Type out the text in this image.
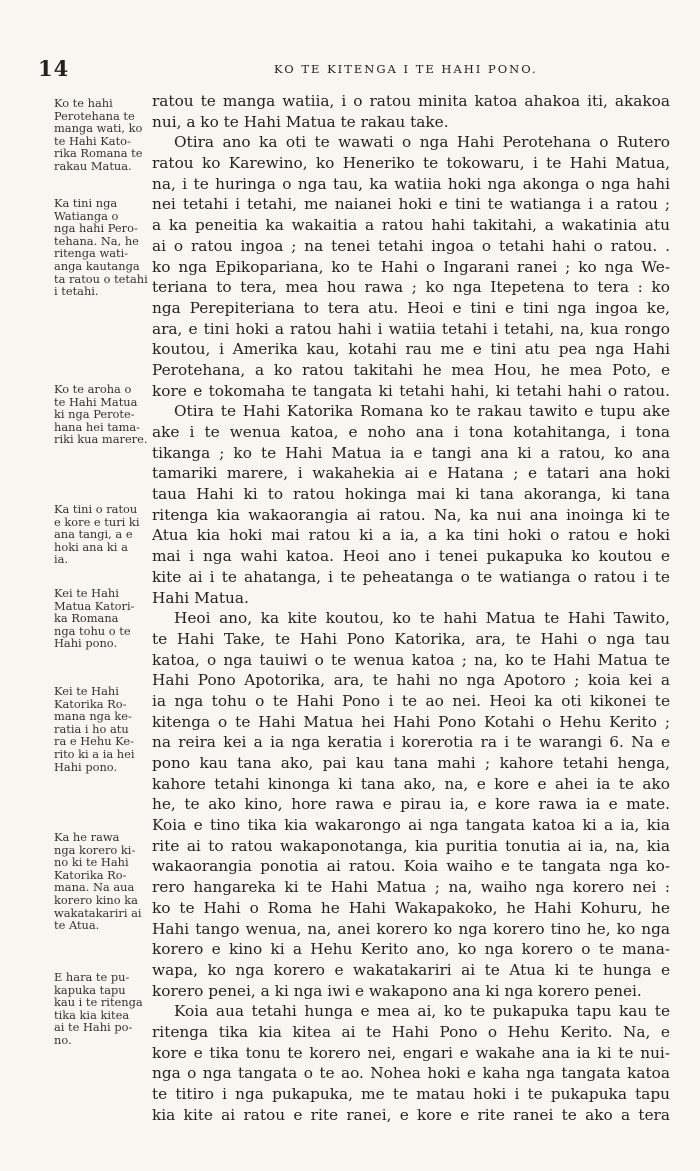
14	KO TE KITENGA I TE HAHI PONO.
Ko te hahi
Perotehana te
manga wati, ko
te Hahi Kato-
rika Romana te
rakau Matua.
Ka tini nga
Watianga o
nga hahi Pero-
tehana. Na, he
ritenga wati-
anga kautanga
ta ratou o tetahi
i tetahi.
Ko te aroha o
te Hahi Matua
ki nga Perote-
hana hei tama-
riki kua marere.
Ka tini o ratou
e kore e turi ki
ana tangi, a e
hoki ana ki a
ia.
Kei te Hahi
Matua Katori-
ka Romana
nga tohu o te
Hahi pono.
Kei te Hahi
Katorika Ro-
mana nga ke-
ratia i ho atu
ra e Hehu Ke-
rito ki a ia hei
Hahi pono.
Ka he rawa
nga korero ki-
no ki te Hahi
Katorika Ro-
mana. Na aua
korero kino ka
wakatakariri ai
te Atua.
E hara te pu-
kapuka tapu
kau i te ritenga
tika kia kitea
ai te Hahi po-
no.
ratou te manga watiia, i o ratou minita katoa ahakoa iti, akakoa
nui, a ko te Hahi Matua te rakau take.
Otira ano ka oti te wawati o nga Hahi Perotehana o Rutero
ratou ko Karewino, ko Heneriko te tokowaru, i te Hahi Matua,
na, i te huringa o nga tau, ka watiia hoki nga akonga o nga hahi
nei tetahi i tetahi, me naianei hoki e tini te watianga i a ratou ;
a ka peneitia ka wakaitia a ratou hahi takitahi, a wakatinia atu
ai o ratou ingoa ; na tenei tetahi ingoa o tetahi hahi o ratou. .
ko nga Epikopariana, ko te Hahi o Ingarani ranei ; ko nga We-
teriana to tera, mea hou rawa ; ko nga Itepetena to tera : ko
nga Perepiteriana to tera atu. Heoi e tini e tini nga ingoa ke,
ara, e tini hoki a ratou hahi i watiia tetahi i tetahi, na, kua rongo
koutou, i Amerika kau, kotahi rau me e tini atu pea nga Hahi
Perotehana, a ko ratou takitahi he mea Hou, he mea Poto, e
kore e tokomaha te tangata ki tetahi hahi, ki tetahi hahi o ratou.
Otira te Hahi Katorika Romana ko te rakau tawito e tupu ake
ake i te wenua katoa, e noho ana i tona kotahitanga, i tona
tikanga ; ko te Hahi Matua ia e tangi ana ki a ratou, ko ana
tamariki marere, i wakahekia ai e Hatana ; e tatari ana hoki
taua Hahi ki to ratou hokinga mai ki tana akoranga, ki tana
ritenga kia wakaorangia ai ratou. Na, ka nui ana inoinga ki te
Atua kia hoki mai ratou ki a ia, a ka tini hoki o ratou e hoki
mai i nga wahi katoa. Heoi ano i tenei pukapuka ko koutou e
kite ai i te ahatanga, i te peheatanga o te watianga o ratou i te
Hahi Matua.
Heoi ano, ka kite koutou, ko te hahi Matua te Hahi Tawito,
te Hahi Take, te Hahi Pono Katorika, ara, te Hahi o nga tau
katoa, o nga tauiwi o te wenua katoa ; na, ko te Hahi Matua te
Hahi Pono Apotorika, ara, te hahi no nga Apotoro ; koia kei a
ia nga tohu o te Hahi Pono i te ao nei. Heoi ka oti kikonei te
kitenga o te Hahi Matua hei Hahi Pono Kotahi o Hehu Kerito ;
na reira kei a ia nga keratia i korerotia ra i te warangi 6. Na e
pono kau tana ako, pai kau tana mahi ; kahore tetahi henga,
kahore tetahi kinonga ki tana ako, na, e kore e ahei ia te ako
he, te ako kino, hore rawa e pirau ia, e kore rawa ia e mate.
Koia e tino tika kia wakarongo ai nga tangata katoa ki a ia, kia
rite ai to ratou wakaponotanga, kia puritia tonutia ai ia, na, kia
wakaorangia ponotia ai ratou. Koia waiho e te tangata nga ko-
rero hangareka ki te Hahi Matua ; na, waiho nga korero nei :
ko te Hahi o Roma he Hahi Wakapakoko, he Hahi Kohuru, he
Hahi tango wenua, na, anei korero ko nga korero tino he, ko nga
korero e kino ki a Hehu Kerito ano, ko nga korero o te mana-
wapa, ko nga korero e wakatakariri ai te Atua ki te hunga e
korero penei, a ki nga iwi e wakapono ana ki nga korero penei.
Koia aua tetahi hunga e mea ai, ko te pukapuka tapu kau te
ritenga tika kia kitea ai te Hahi Pono o Hehu Kerito. Na, e
kore e tika tonu te korero nei, engari e wakahe ana ia ki te nui-
nga o nga tangata o te ao. Nohea hoki e kaha nga tangata katoa
te titiro i nga pukapuka, me te matau hoki i te pukapuka tapu
kia kite ai ratou e rite ranei, e kore e rite ranei te ako a tera
